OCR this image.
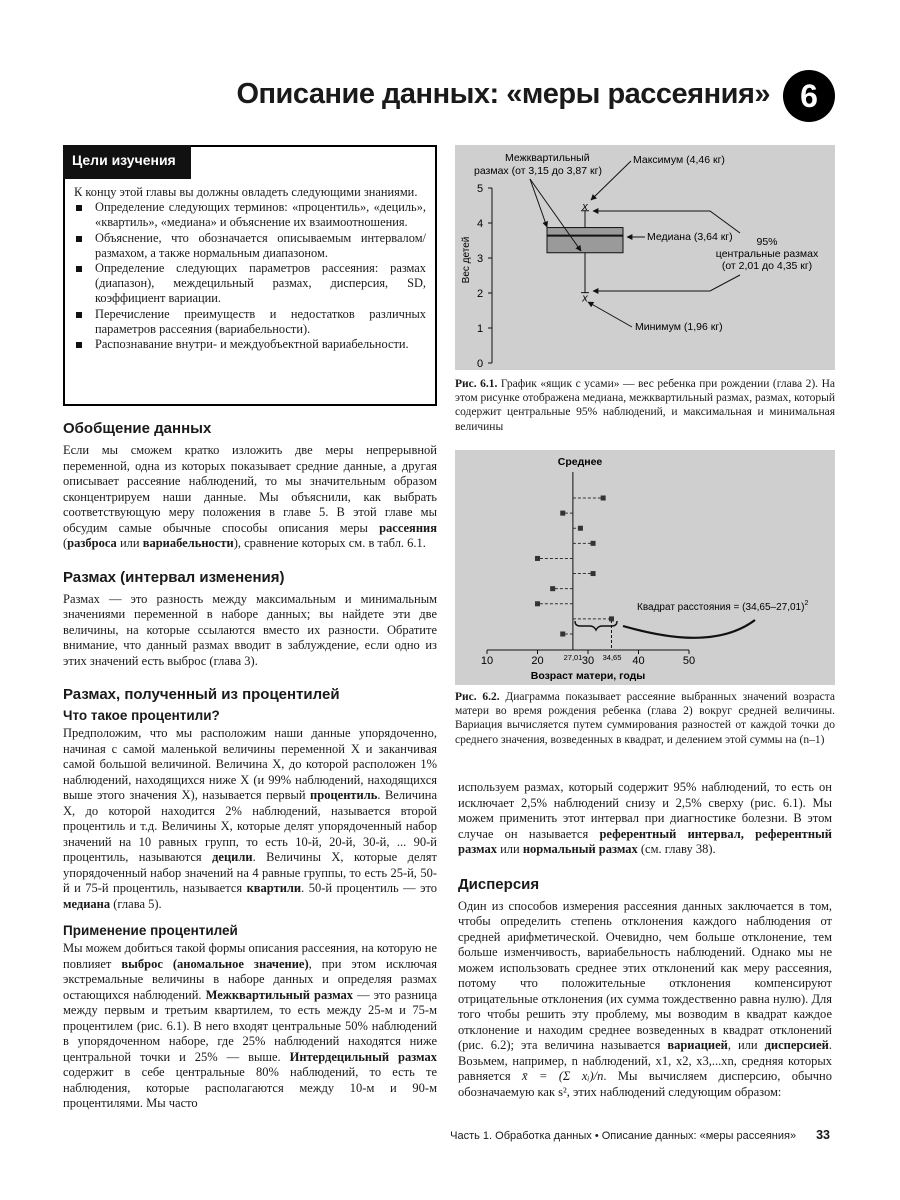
Описание данных: «меры рассеяния» 6
Цели изучения

К концу этой главы вы должны овладеть следующими знаниями.

Определение следующих терминов: «процентиль», «дециль», «квартиль», «медиана» и объяснение их взаимоотношения.
Объяснение, что обозначается описываемым интервалом/размахом, а также нормальным диапазоном.
Определение следующих параметров рассеяния: размах (диапазон), междецильный размах, дисперсия, SD, коэффициент вариации.
Перечисление преимуществ и недостатков различных параметров рассеяния (вариабельности).
Распознавание внутри- и междуобъектной вариабельности.
Обобщение данных

Если мы сможем кратко изложить две меры непрерывной переменной, одна из которых показывает средние данные, а другая описывает рассеяние наблюдений, то мы значительным образом сконцентрируем наши данные. Мы объяснили, как выбрать соответствующую меру положения в главе 5. В этой главе мы обсудим самые обычные способы описания меры рассеяния (разброса или вариабельности), сравнение которых см. в табл. 6.1.

Размах (интервал изменения)

Размах — это разность между максимальным и минимальным значениями переменной в наборе данных; вы найдете эти две величины, на которые ссылаются вместо их разности. Обратите внимание, что данный размах вводит в заблуждение, если одно из этих значений есть выброс (глава 3).

Размах, полученный из процентилей
Что такое процентили?

Предположим, что мы расположим наши данные упорядоченно, начиная с самой маленькой величины переменной X и заканчивая самой большой величиной. Величина X, до которой расположен 1% наблюдений, находящихся ниже X (и 99% наблюдений, находящихся выше этого значения X), называется первый процентиль. Величина X, до которой находится 2% наблюдений, называется второй процентиль и т.д. Величины X, которые делят упорядоченный набор значений на 10 равных групп, то есть 10-й, 20-й, 30-й, ... 90-й процентиль, называются децили. Величины X, которые делят упорядоченный набор значений на 4 равные группы, то есть 25-й, 50-й и 75-й процентиль, называется квартили. 50-й процентиль — это медиана (глава 5).

Применение процентилей

Мы можем добиться такой формы описания рассеяния, на которую не повлияет выброс (аномальное значение), при этом исключая экстремальные величины в наборе данных и определяя размах остающихся наблюдений. Межквартильный размах — это разница между первым и третьим квартилем, то есть между 25-м и 75-м процентилем (рис. 6.1). В него входят центральные 50% наблюдений в упорядоченном наборе, где 25% наблюдений находятся ниже центральной точки и 25% — выше. Интердецильный размах содержит в себе центральные 80% наблюдений, то есть те наблюдения, которые располагаются между 10-м и 90-м процентилями. Мы часто

Вес детей
0
1
2
3
4
5
x
x
Межквартильный
размах (от 3,15 до 3,87 кг)
Максимум (4,46 кг)
Медиана (3,64 кг) 95%
центральные размах
(от 2,01 до 4,35 кг)
Минимум (1,96 кг)
Рис. 6.1. График «ящик с усами» — вес ребенка при рождении (глава 2). На этом рисунке отображена медиана, межквартильный размах, размах, который содержит центральные 95% наблюдений, и максимальная и минимальная величины
Среднее
10	20	30	40	50
27,01	34,65
Квадрат расстояния = $(34,65-27,01)^2$
Возраст матери, годы
Рис. 6.2. Диаграмма показывает рассеяние выбранных значений возраста матери во время рождения ребенка (глава 2) вокруг средней величины. Вариация вычисляется путем суммирования разностей от каждой точки до среднего значения, возведенных в квадрат, и делением этой суммы на (n–1)

используем размах, который содержит 95% наблюдений, то есть он исключает 2,5% наблюдений снизу и 2,5% сверху (рис. 6.1). Мы можем применить этот интервал при диагностике болезни. В этом случае он называется референтный интервал, референтный размах или нормальный размах (см. главу 38).

Дисперсия

Один из способов измерения рассеяния данных заключается в том, чтобы определить степень отклонения каждого наблюдения от средней арифметической. Очевидно, чем больше отклонение, тем больше изменчивость, вариабельность наблюдений. Однако мы не можем использовать среднее этих отклонений как меру рассеяния, потому что положительные отклонения компенсируют отрицательные отклонения (их сумма тождественно равна нулю). Для того чтобы решить эту проблему, мы возводим в квадрат каждое отклонение и находим среднее возведенных в квадрат отклонений (рис. 6.2); эта величина называется вариацией, или дисперсией. Возьмем, например, n наблюдений, x1, x2, x3,...xn, средняя которых равняется x̄ = (Σ xᵢ)/n. Мы вычисляем дисперсию, обычно обозначаемую как s², этих наблюдений следующим образом:

Часть 1. Обработка данных • Описание данных: «меры рассеяния» 33
